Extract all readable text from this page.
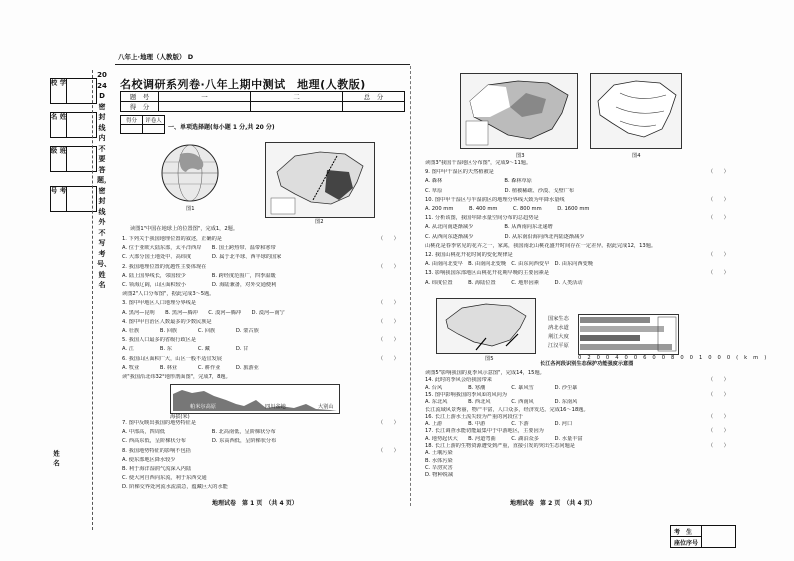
八年上·地理（人教版） D
学　校
姓　名
班　级
考　号
姓名
2024D密封线内不要答题，密封线外不写考号、姓名
名校调研系列卷·八年上期中测试　地理(人教版)
题　号	一	二	总　分
得　分			
得分	评卷人

一、单项选择题(每小题 1 分,共 20 分)
图1
图2
读图1"中国在地球上的位置图"，完成1，2题。
1. 下列关于我国地理位置的叙述，正确的是	（　　）
A. 位于亚欧大陆东部，太平洋西岸　　B. 国土跨热带、温带和寒带
C. 大部分国土地处中、高纬度　　　　D. 属于北半球、西半球的国家
2. 我国地理位置的优越性主要体现在	（　　）
A. 陆上国界线长，邻国较少　　　　　B. 跨经度范围广，四季温暖
C. 领海辽阔，山区面积较小　　　　　D. 海陆兼备，对外交通便利
读图2"人口分布图"，据此完成3～5题。
3. 图中甲地区人口地理分界线是	（　　）
A. 黑河—昆明　　B. 黑河—腾冲　　C. 漠河—腾冲　　D. 漠河—南宁
4. 图中甲自治区人数最多的少数民族是	（　　）
A. 壮族　　　　B. 回族　　　　C. 回族　　　　D. 蒙古族
5. 我国人口最多的省级行政区是	（　　）
A. 江　　　　　B. 东　　　　　C. 藏　　　　　D. 甘
6. 我国山区面积广大，山区一般不适宜发展	（　　）
A. 牧业　　　　B. 林业　　　　C. 耕作业　　　D. 旅游业
读"我国沿北纬32°地形剖面图"，完成7，8题。
7. 图中反映出我国的地势特征是	（　　）
A. 中部高，四周低　　　　　　　　　B. 北高南低，呈阶梯状分布
C. 西高东低，呈阶梯状分布　　　　　D. 东高西低，呈阶梯状分布
8. 我国地势特征的影响不包括	（　　）
A. 使东部地区降水较少
B. 利于海洋湿润气流深入内陆
C. 使大河自西向东流，利于东西交通
D. 阶梯交界处河流水流湍急，蕴藏巨大的水能
海拔(米)
帕米尔高原	四川盆地	大别山
图3	图4
读图3"我国干湿地区分布图"，完成9～11题。
9. 图中甲干湿区的天然植被是	（　　）
A. 森林　　　　　　　　　　　　B. 森林草原
C. 草原　　　　　　　　　　　　D. 植被稀疏、沙漠、戈壁广布
10. 图中甲干湿区与半湿润区的地理分界线大致为年降水量线	（　　）
A. 200 mm　　　B. 400 mm　　　C. 800 mm　　　D. 1600 mm
11. 分析该图，我国年降水量空间分布的总趋势是	（　　）
A. 从北向南逐渐减少　　　　　　B. 从西南向东北递增
C. 从西向东逐渐减少　　　　　　D. 从东南沿海向西北内陆逐渐减少
山桃花是春季常见的花卉之一，家禽，我国南北山桃花盛开时间存在一定差异。据此完成12，13题。
12. 我国山桃花开花时间的变化规律是	（　　）
A. 由南向北变早　B. 由南向北变晚　C. 由东向西变早　D. 由东向西变晚
13. 影响我国东部地区山桃花开花期早晚的主要因素是	（　　）
A. 纬度位置　　　B. 海陆位置　　　C. 地形因素　　　D. 人类活动
读图5"影响我国的夏季风示意图"，完成14，15题。
14. 此时的季风会给我国带来	（　　）
A. 台风　　　　　B. 寒潮　　　　　C. 暴风雪　　　　D. 沙尘暴
15. 图中影响我国的季风①的风向为	（　　）
A. 东北风　　　　B. 西北风　　　　C. 西南风　　　　D. 东南风
长江流域风景秀丽，物产丰富，人口众多，经济发达。完成16～18题。
16. 长江上游水土流失较为严重的河段位于	（　　）
A. 上游　　　　　B. 中游　　　　　C. 下游　　　　　D. 河口
17. 长江调查水能切能最集中于中游地区，主要因为	（　　）
A. 地势起伏大　　B. 河道弯曲　　　C. 湖泊众多　　　D. 水量丰富
18. 长江上游的生物资源遭受到严重，直接引发的突出生态问题是	（　　）
A. 土壤污染
B. 水体污染
C. 旱涝灾害
D. 物种锐减
图5
国家生态
汭北水道
荆江大度
江汉平原
02004006008001000(km)
长江各河段识别生态保护功能强度示意图
地理试卷　第 1 页　（共 4 页）	地理试卷　第 2 页　（共 4 页）
考　生	
座位序号
